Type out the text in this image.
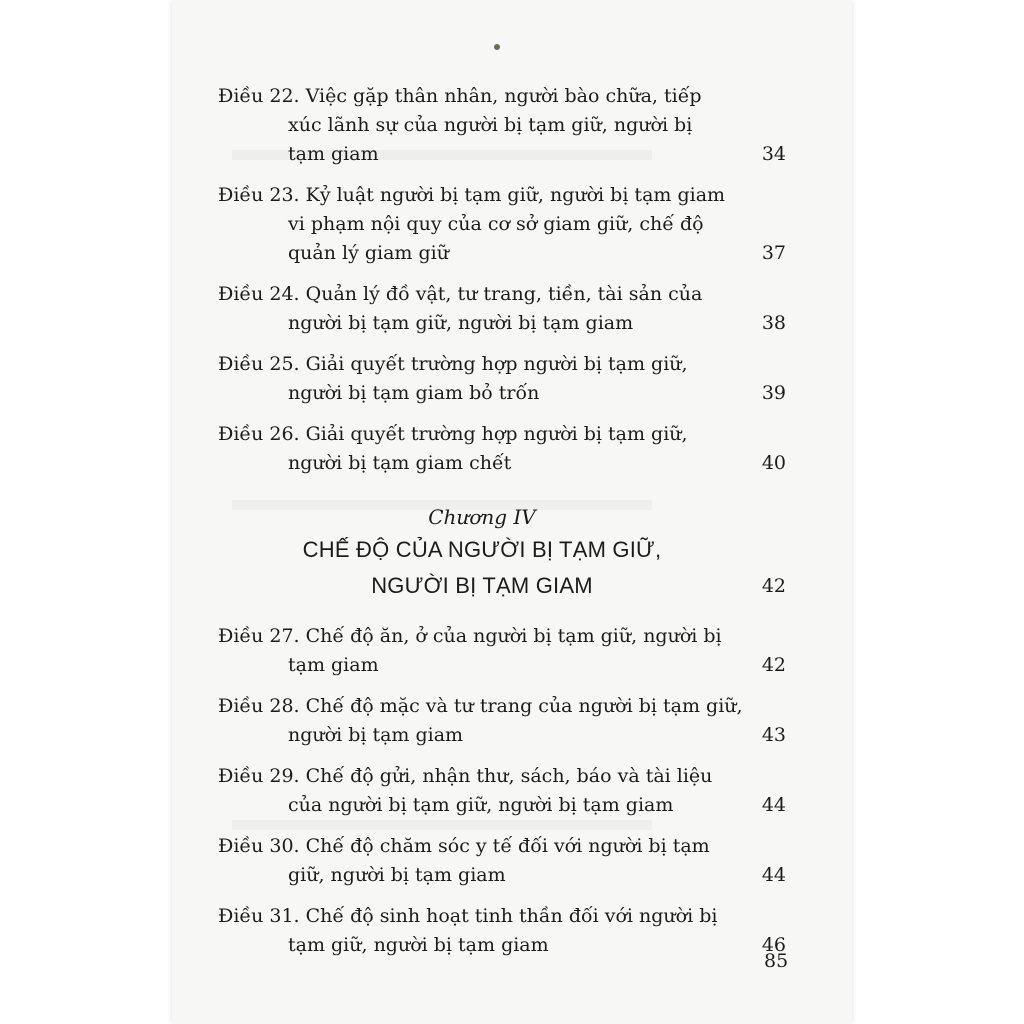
Điều 22. Việc gặp thân nhân, người bào chữa, tiếp
xúc lãnh sự của người bị tạm giữ, người bị
tạm giam	34
Điều 23. Kỷ luật người bị tạm giữ, người bị tạm giam
vi phạm nội quy của cơ sở giam giữ, chế độ
quản lý giam giữ	37
Điều 24. Quản lý đồ vật, tư trang, tiền, tài sản của
người bị tạm giữ, người bị tạm giam	38
Điều 25. Giải quyết trường hợp người bị tạm giữ,
người bị tạm giam bỏ trốn	39
Điều 26. Giải quyết trường hợp người bị tạm giữ,
người bị tạm giam chết	40
Chương IV
CHẾ ĐỘ CỦA NGƯỜI BỊ TẠM GIỮ,
NGƯỜI BỊ TẠM GIAM	42
Điều 27. Chế độ ăn, ở của người bị tạm giữ, người bị
tạm giam	42
Điều 28. Chế độ mặc và tư trang của người bị tạm giữ,
người bị tạm giam	43
Điều 29. Chế độ gửi, nhận thư, sách, báo và tài liệu
của người bị tạm giữ, người bị tạm giam	44
Điều 30. Chế độ chăm sóc y tế đối với người bị tạm
giữ, người bị tạm giam	44
Điều 31. Chế độ sinh hoạt tinh thần đối với người bị
tạm giữ, người bị tạm giam	46
85
